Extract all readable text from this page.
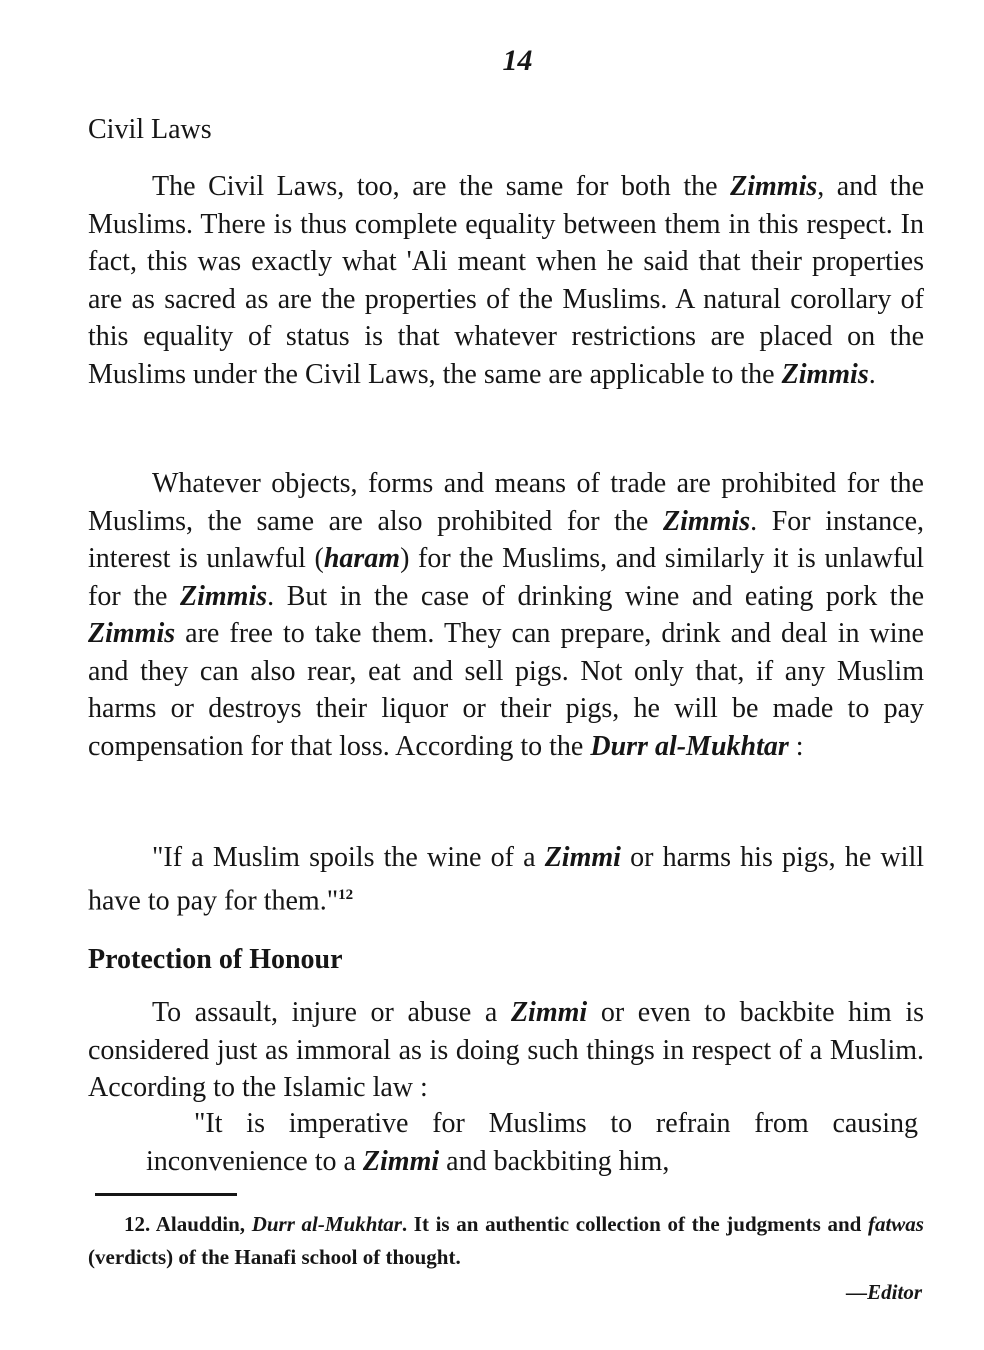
14
Civil Laws

The Civil Laws, too, are the same for both the Zimmis, and the Muslims. There is thus complete equality between them in this respect. In fact, this was exactly what 'Ali meant when he said that their properties are as sacred as are the properties of the Muslims. A natural corollary of this equality of status is that whatever restrictions are placed on the Muslims under the Civil Laws, the same are applicable to the Zimmis.

Whatever objects, forms and means of trade are prohibited for the Muslims, the same are also prohibited for the Zimmis. For instance, interest is unlawful (haram) for the Muslims, and similarly it is unlawful for the Zimmis. But in the case of drinking wine and eating pork the Zimmis are free to take them. They can prepare, drink and deal in wine and they can also rear, eat and sell pigs. Not only that, if any Muslim harms or destroys their liquor or their pigs, he will be made to pay compensation for that loss. According to the Durr al-Mukhtar :

"If a Muslim spoils the wine of a Zimmi or harms his pigs, he will have to pay for them."$^{12}$

Protection of Honour

To assault, injure or abuse a Zimmi or even to backbite him is considered just as immoral as is doing such things in respect of a Muslim. According to the Islamic law :

"It is imperative for Muslims to refrain from causing inconvenience to a Zimmi and backbiting him,

12. Alauddin, Durr al-Mukhtar. It is an authentic collection of the judgments and fatwas (verdicts) of the Hanafi school of thought.

—Editor
